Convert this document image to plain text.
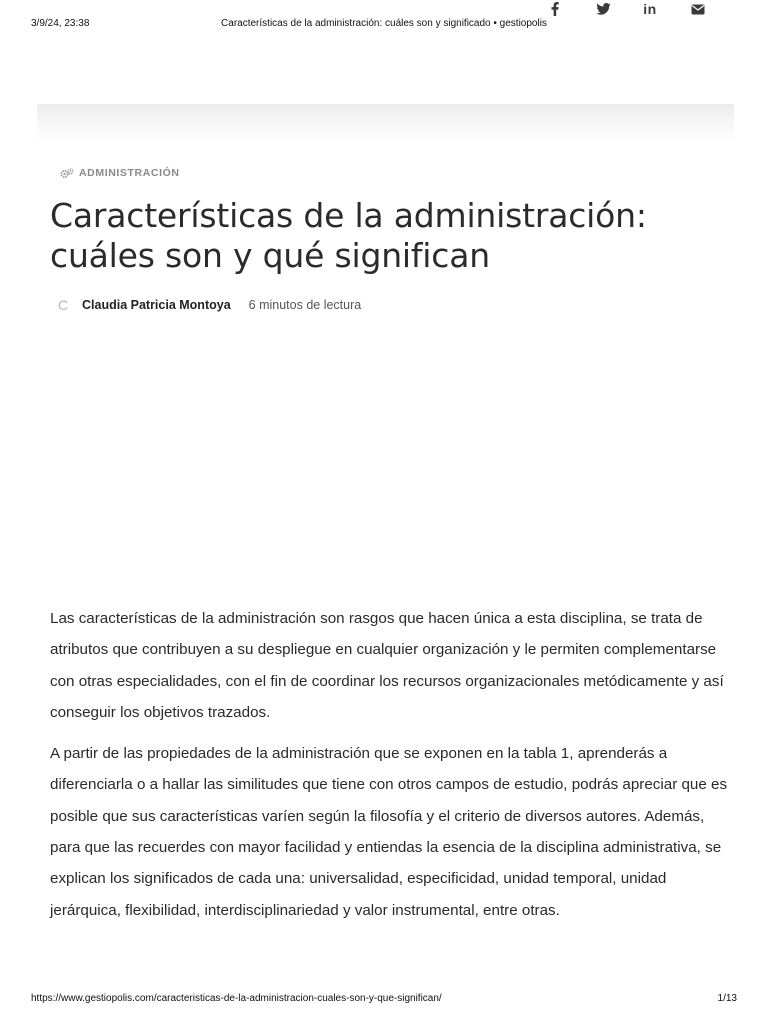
3/9/24, 23:38	Características de la administración: cuáles son y significado • gestiopolis
ADMINISTRACIÓN
Características de la administración: cuáles son y qué significan
C Claudia Patricia Montoya 6 minutos de lectura
in

Las características de la administración son rasgos que hacen única a esta disciplina, se trata de atributos que contribuyen a su despliegue en cualquier organización y le permiten complementarse con otras especialidades, con el fin de coordinar los recursos organizacionales metódicamente y así conseguir los objetivos trazados.

A partir de las propiedades de la administración que se exponen en la tabla 1, aprenderás a diferenciarla o a hallar las similitudes que tiene con otros campos de estudio, podrás apreciar que es posible que sus características varíen según la filosofía y el criterio de diversos autores. Además, para que las recuerdes con mayor facilidad y entiendas la esencia de la disciplina administrativa, se explican los significados de cada una: universalidad, especificidad, unidad temporal, unidad jerárquica, flexibilidad, interdisciplinariedad y valor instrumental, entre otras.

https://www.gestiopolis.com/caracteristicas-de-la-administracion-cuales-son-y-que-significan/	1/13
